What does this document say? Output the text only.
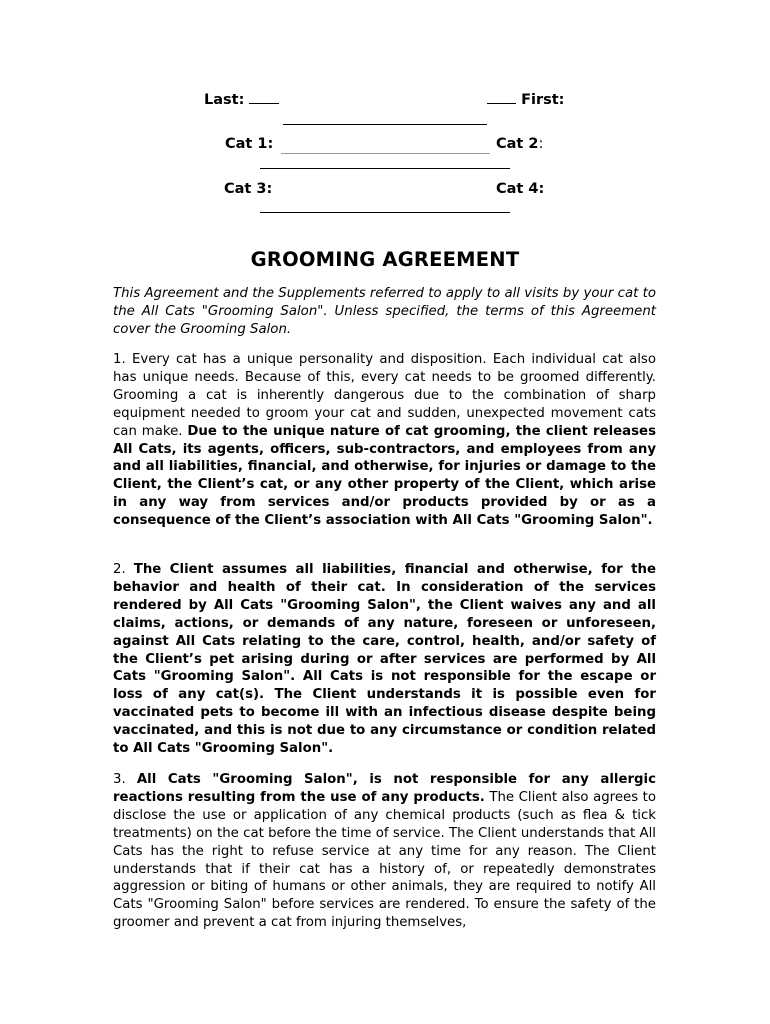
Last:	First:
Cat 1:	Cat 2:
Cat 3:	Cat 4:
GROOMING AGREEMENT
This Agreement and the Supplements referred to apply to all visits by your cat to the All Cats "Grooming Salon". Unless specified, the terms of this Agreement cover the Grooming Salon.
1. Every cat has a unique personality and disposition. Each individual cat also has unique needs. Because of this, every cat needs to be groomed differently. Grooming a cat is inherently dangerous due to the combination of sharp equipment needed to groom your cat and sudden, unexpected movement cats can make. Due to the unique nature of cat grooming, the client releases All Cats, its agents, officers, sub-contractors, and employees from any and all liabilities, financial, and otherwise, for injuries or damage to the Client, the Client’s cat, or any other property of the Client, which arise in any way from services and/or products provided by or as a consequence of the Client’s association with All Cats "Grooming Salon".
2. The Client assumes all liabilities, financial and otherwise, for the behavior and health of their cat. In consideration of the services rendered by All Cats "Grooming Salon", the Client waives any and all claims, actions, or demands of any nature, foreseen or unforeseen, against All Cats relating to the care, control, health, and/or safety of the Client’s pet arising during or after services are performed by All Cats "Grooming Salon". All Cats is not responsible for the escape or loss of any cat(s). The Client understands it is possible even for vaccinated pets to become ill with an infectious disease despite being vaccinated, and this is not due to any circumstance or condition related to All Cats "Grooming Salon".
3. All Cats "Grooming Salon", is not responsible for any allergic reactions resulting from the use of any products. The Client also agrees to disclose the use or application of any chemical products (such as flea & tick treatments) on the cat before the time of service. The Client understands that All Cats has the right to refuse service at any time for any reason. The Client understands that if their cat has a history of, or repeatedly demonstrates aggression or biting of humans or other animals, they are required to notify All Cats "Grooming Salon" before services are rendered. To ensure the safety of the groomer and prevent a cat from injuring themselves,
